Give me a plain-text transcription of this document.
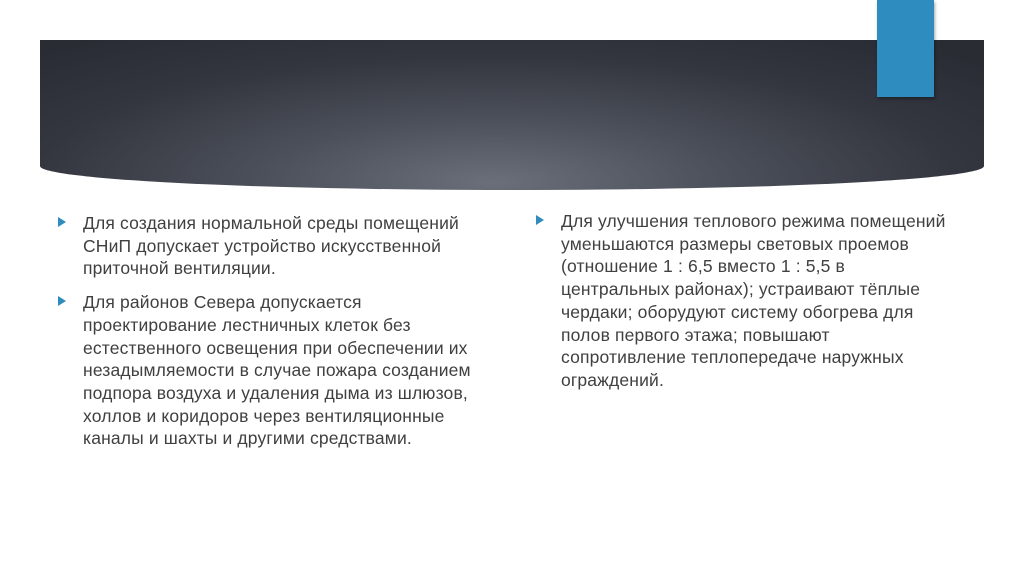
Для создания нормальной среды помещений СНиП допускает устройство искусственной приточной вентиляции.
Для районов Севера допускается проектирование лестничных клеток без естественного освещения при обеспечении их незадымляемости в случае пожара созданием подпора воздуха и удаления дыма из шлюзов, холлов и коридоров через вентиляционные каналы и шахты и другими средствами.
Для улучшения теплового режима помещений уменьшаются размеры световых проемов (отношение 1 : 6,5 вместо 1 : 5,5 в центральных районах); устраивают тёплые чердаки; оборудуют систему обогрева для полов первого этажа; повышают сопротивление теплопередаче наружных ограждений.
